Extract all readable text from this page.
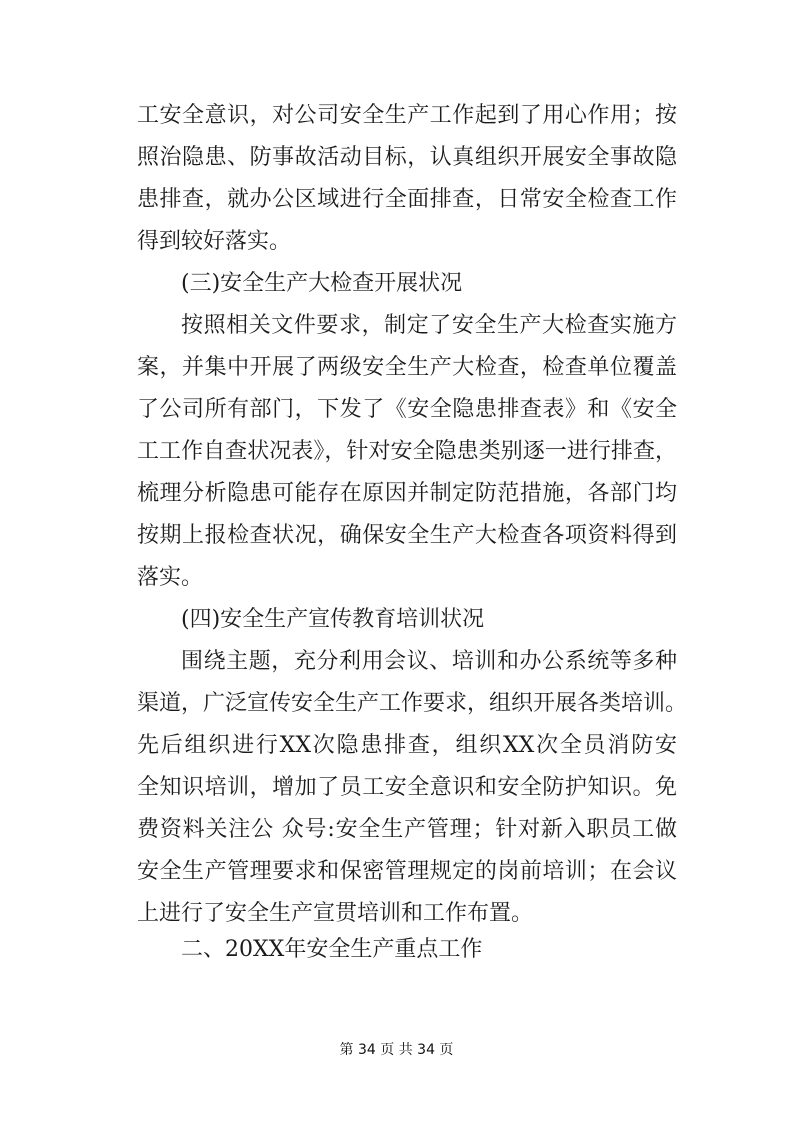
工安全意识，对公司安全生产工作起到了用心作用；按
照治隐患、防事故活动目标，认真组织开展安全事故隐
患排查，就办公区域进行全面排查，日常安全检查工作
得到较好落实。
(三)安全生产大检查开展状况
按照相关文件要求，制定了安全生产大检查实施方
案，并集中开展了两级安全生产大检查，检查单位覆盖
了公司所有部门，下发了《安全隐患排查表》和《安全
工工作自查状况表》，针对安全隐患类别逐一进行排查，
梳理分析隐患可能存在原因并制定防范措施，各部门均
按期上报检查状况，确保安全生产大检查各项资料得到
落实。
(四)安全生产宣传教育培训状况
围绕主题，充分利用会议、培训和办公系统等多种
渠道，广泛宣传安全生产工作要求，组织开展各类培训。
先后组织进行XX次隐患排查，组织XX次全员消防安
全知识培训，增加了员工安全意识和安全防护知识。免
费资料关注公 众号:安全生产管理；针对新入职员工做
安全生产管理要求和保密管理规定的岗前培训；在会议
上进行了安全生产宣贯培训和工作布置。
二、20XX年安全生产重点工作
第 34 页 共 34 页
